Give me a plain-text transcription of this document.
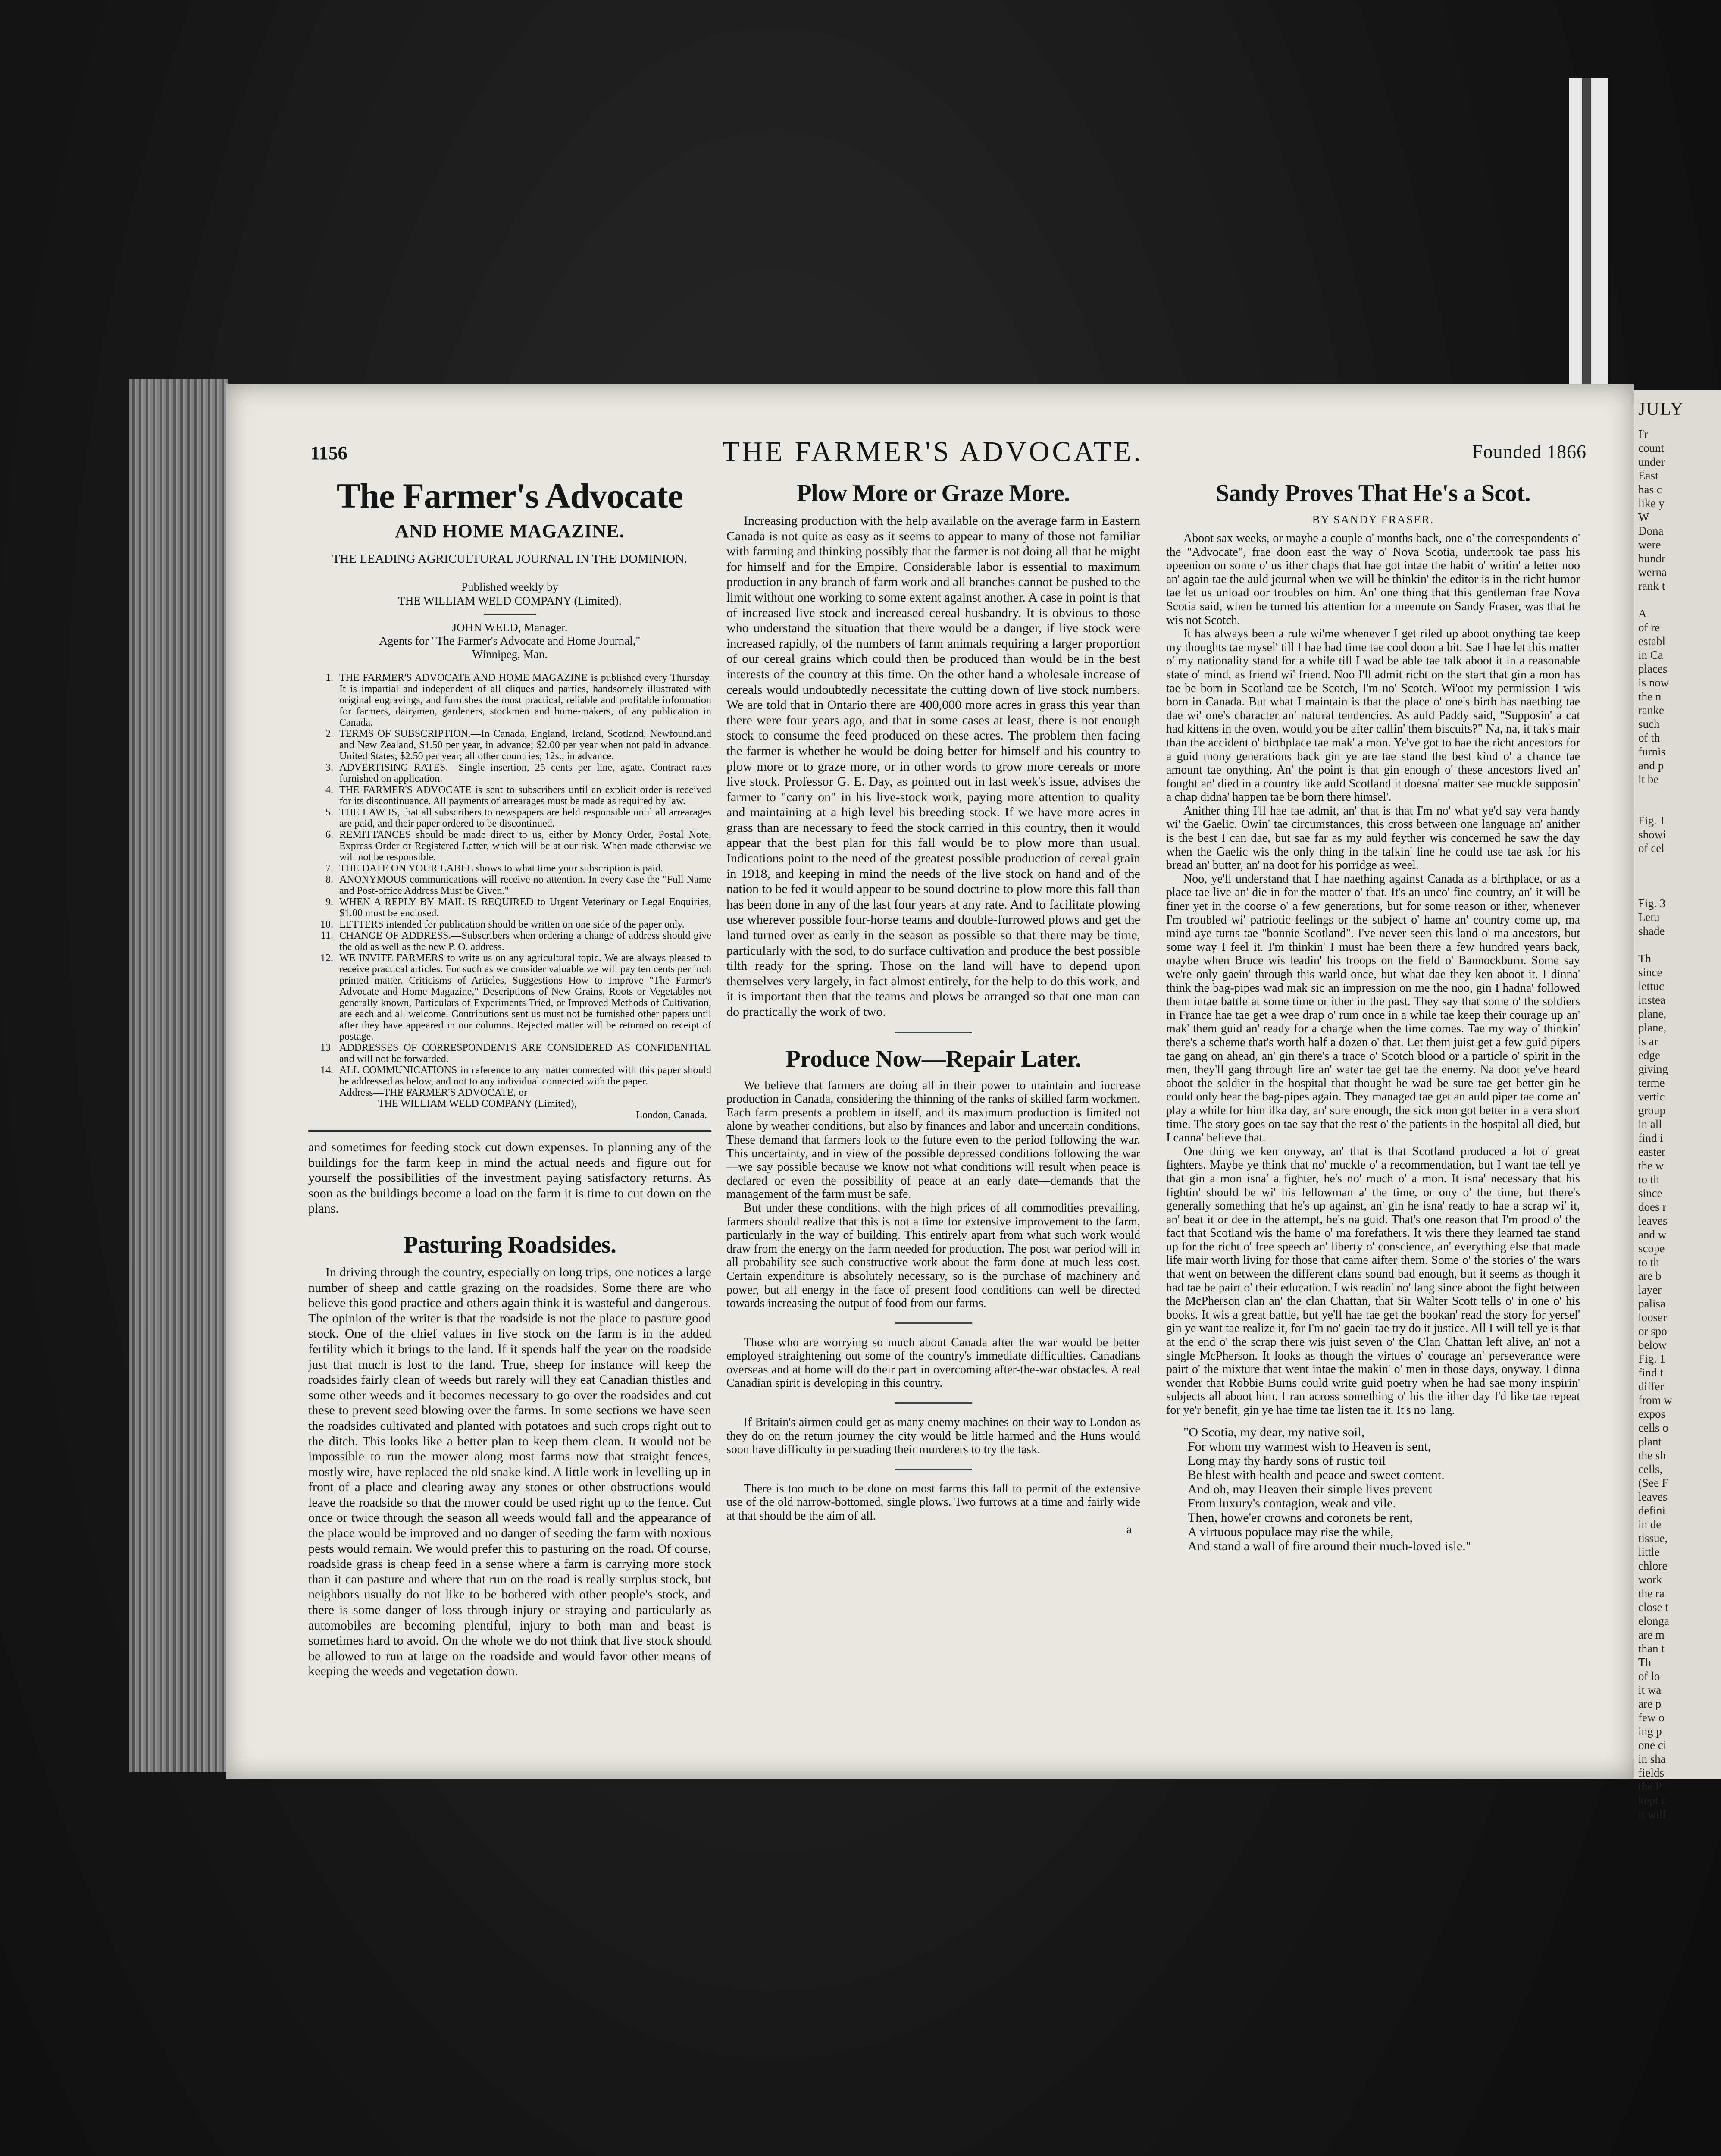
JULY
I'r
count
under
East
has c
like y
W
Dona
were
hundr
werna
rank t

A
of re
establ
in Ca
places
is now
the n
ranke
such
of th
furnis
and p
it be

Fig. 1
showi
of cel

Fig. 3
Letu
shade

Th
since
lettuc
instea
plane,
plane,
is ar
edge
giving
terme
vertic
group
in all
find i
easter
the w
to th
since
does r
leaves
and w
scope
to th
are b
layer
palisa
looser
or spo
below
Fig. 1
find t
differ
from w
expos
cells o
plant
the sh
cells,
(See F
leaves
defini
in de
tissue,
little
chlore
work
the ra
close t
elonga
are m
than t
Th
of lo
it wa
are p
few o
ing p
one ci
in sha
fields
the P
kept c
it will
1156	THE FARMER'S ADVOCATE.	Founded 1866
The Farmer's Advocate
AND HOME MAGAZINE.
THE LEADING AGRICULTURAL JOURNAL IN THE DOMINION.
Published weekly by
THE WILLIAM WELD COMPANY (Limited).
JOHN WELD, Manager.
Agents for "The Farmer's Advocate and Home Journal,"
Winnipeg, Man.
1. THE FARMER'S ADVOCATE AND HOME MAGAZINE is published every Thursday. It is impartial and independent of all cliques and parties, handsomely illustrated with original engravings, and furnishes the most practical, reliable and profitable information for farmers, dairymen, gardeners, stockmen and home-makers, of any publication in Canada.
2. TERMS OF SUBSCRIPTION.—In Canada, England, Ireland, Scotland, Newfoundland and New Zealand, $1.50 per year, in advance; $2.00 per year when not paid in advance. United States, $2.50 per year; all other countries, 12s., in advance.
3. ADVERTISING RATES.—Single insertion, 25 cents per line, agate. Contract rates furnished on application.
4. THE FARMER'S ADVOCATE is sent to subscribers until an explicit order is received for its discontinuance. All payments of arrearages must be made as required by law.
5. THE LAW IS, that all subscribers to newspapers are held responsible until all arrearages are paid, and their paper ordered to be discontinued.
6. REMITTANCES should be made direct to us, either by Money Order, Postal Note, Express Order or Registered Letter, which will be at our risk. When made otherwise we will not be responsible.
7. THE DATE ON YOUR LABEL shows to what time your subscription is paid.
8. ANONYMOUS communications will receive no attention. In every case the "Full Name and Post-office Address Must be Given."
9. WHEN A REPLY BY MAIL IS REQUIRED to Urgent Veterinary or Legal Enquiries, $1.00 must be enclosed.
10. LETTERS intended for publication should be written on one side of the paper only.
11. CHANGE OF ADDRESS.—Subscribers when ordering a change of address should give the old as well as the new P. O. address.
12. WE INVITE FARMERS to write us on any agricultural topic. We are always pleased to receive practical articles. For such as we consider valuable we will pay ten cents per inch printed matter. Criticisms of Articles, Suggestions How to Improve "The Farmer's Advocate and Home Magazine," Descriptions of New Grains, Roots or Vegetables not generally known, Particulars of Experiments Tried, or Improved Methods of Cultivation, are each and all welcome. Contributions sent us must not be furnished other papers until after they have appeared in our columns. Rejected matter will be returned on receipt of postage.
13. ADDRESSES OF CORRESPONDENTS ARE CONSIDERED AS CONFIDENTIAL and will not be forwarded.
14. ALL COMMUNICATIONS in reference to any matter connected with this paper should be addressed as below, and not to any individual connected with the paper.
Address—THE FARMER'S ADVOCATE, or
THE WILLIAM WELD COMPANY (Limited),
London, Canada.

and sometimes for feeding stock cut down expenses. In planning any of the buildings for the farm keep in mind the actual needs and figure out for yourself the possibilities of the investment paying satisfactory returns. As soon as the buildings become a load on the farm it is time to cut down on the plans.

Pasturing Roadsides.

In driving through the country, especially on long trips, one notices a large number of sheep and cattle grazing on the roadsides. Some there are who believe this good practice and others again think it is wasteful and dangerous. The opinion of the writer is that the roadside is not the place to pasture good stock. One of the chief values in live stock on the farm is in the added fertility which it brings to the land. If it spends half the year on the roadside just that much is lost to the land. True, sheep for instance will keep the roadsides fairly clean of weeds but rarely will they eat Canadian thistles and some other weeds and it becomes necessary to go over the roadsides and cut these to prevent seed blowing over the farms. In some sections we have seen the roadsides cultivated and planted with potatoes and such crops right out to the ditch. This looks like a better plan to keep them clean. It would not be impossible to run the mower along most farms now that straight fences, mostly wire, have replaced the old snake kind. A little work in levelling up in front of a place and clearing away any stones or other obstructions would leave the roadside so that the mower could be used right up to the fence. Cut once or twice through the season all weeds would fall and the appearance of the place would be improved and no danger of seeding the farm with noxious pests would remain. We would prefer this to pasturing on the road. Of course, roadside grass is cheap feed in a sense where a farm is carrying more stock than it can pasture and where that run on the road is really surplus stock, but neighbors usually do not like to be bothered with other people's stock, and there is some danger of loss through injury or straying and particularly as automobiles are becoming plentiful, injury to both man and beast is sometimes hard to avoid. On the whole we do not think that live stock should be allowed to run at large on the roadside and would favor other means of keeping the weeds and vegetation down.

Plow More or Graze More.

Increasing production with the help available on the average farm in Eastern Canada is not quite as easy as it seems to appear to many of those not familiar with farming and thinking possibly that the farmer is not doing all that he might for himself and for the Empire. Considerable labor is essential to maximum production in any branch of farm work and all branches cannot be pushed to the limit without one working to some extent against another. A case in point is that of increased live stock and increased cereal husbandry. It is obvious to those who understand the situation that there would be a danger, if live stock were increased rapidly, of the numbers of farm animals requiring a larger proportion of our cereal grains which could then be produced than would be in the best interests of the country at this time. On the other hand a wholesale increase of cereals would undoubtedly necessitate the cutting down of live stock numbers. We are told that in Ontario there are 400,000 more acres in grass this year than there were four years ago, and that in some cases at least, there is not enough stock to consume the feed produced on these acres. The problem then facing the farmer is whether he would be doing better for himself and his country to plow more or to graze more, or in other words to grow more cereals or more live stock. Professor G. E. Day, as pointed out in last week's issue, advises the farmer to "carry on" in his live-stock work, paying more attention to quality and maintaining at a high level his breeding stock. If we have more acres in grass than are necessary to feed the stock carried in this country, then it would appear that the best plan for this fall would be to plow more than usual. Indications point to the need of the greatest possible production of cereal grain in 1918, and keeping in mind the needs of the live stock on hand and of the nation to be fed it would appear to be sound doctrine to plow more this fall than has been done in any of the last four years at any rate. And to facilitate plowing use wherever possible four-horse teams and double-furrowed plows and get the land turned over as early in the season as possible so that there may be time, particularly with the sod, to do surface cultivation and produce the best possible tilth ready for the spring. Those on the land will have to depend upon themselves very largely, in fact almost entirely, for the help to do this work, and it is important then that the teams and plows be arranged so that one man can do practically the work of two.

Produce Now—Repair Later.

We believe that farmers are doing all in their power to maintain and increase production in Canada, considering the thinning of the ranks of skilled farm workmen. Each farm presents a problem in itself, and its maximum production is limited not alone by weather conditions, but also by finances and labor and uncertain conditions. These demand that farmers look to the future even to the period following the war. This uncertainty, and in view of the possible depressed conditions following the war—we say possible because we know not what conditions will result when peace is declared or even the possibility of peace at an early date—demands that the management of the farm must be safe.

But under these conditions, with the high prices of all commodities prevailing, farmers should realize that this is not a time for extensive improvement to the farm, particularly in the way of building. This entirely apart from what such work would draw from the energy on the farm needed for production. The post war period will in all probability see such constructive work about the farm done at much less cost. Certain expenditure is absolutely necessary, so is the purchase of machinery and power, but all energy in the face of present food conditions can well be directed towards increasing the output of food from our farms.

Those who are worrying so much about Canada after the war would be better employed straightening out some of the country's immediate difficulties. Canadians overseas and at home will do their part in overcoming after-the-war obstacles. A real Canadian spirit is developing in this country.

If Britain's airmen could get as many enemy machines on their way to London as they do on the return journey the city would be little harmed and the Huns would soon have difficulty in persuading their murderers to try the task.

There is too much to be done on most farms this fall to permit of the extensive use of the old narrow-bottomed, single plows. Two furrows at a time and fairly wide at that should be the aim of all.

a
Sandy Proves That He's a Scot.
BY SANDY FRASER.

Aboot sax weeks, or maybe a couple o' months back, one o' the correspondents o' the "Advocate", frae doon east the way o' Nova Scotia, undertook tae pass his opeenion on some o' us ither chaps that hae got intae the habit o' writin' a letter noo an' again tae the auld journal when we will be thinkin' the editor is in the richt humor tae let us unload oor troubles on him. An' one thing that this gentleman frae Nova Scotia said, when he turned his attention for a meenute on Sandy Fraser, was that he wis not Scotch.

It has always been a rule wi'me whenever I get riled up aboot onything tae keep my thoughts tae mysel' till I hae had time tae cool doon a bit. Sae I hae let this matter o' my nationality stand for a while till I wad be able tae talk aboot it in a reasonable state o' mind, as friend wi' friend. Noo I'll admit richt on the start that gin a mon has tae be born in Scotland tae be Scotch, I'm no' Scotch. Wi'oot my permission I wis born in Canada. But what I maintain is that the place o' one's birth has naething tae dae wi' one's character an' natural tendencies. As auld Paddy said, "Supposin' a cat had kittens in the oven, would you be after callin' them biscuits?" Na, na, it tak's mair than the accident o' birthplace tae mak' a mon. Ye've got to hae the richt ancestors for a guid mony generations back gin ye are tae stand the best kind o' a chance tae amount tae onything. An' the point is that gin enough o' these ancestors lived an' fought an' died in a country like auld Scotland it doesna' matter sae muckle supposin' a chap didna' happen tae be born there himsel'.

Anither thing I'll hae tae admit, an' that is that I'm no' what ye'd say vera handy wi' the Gaelic. Owin' tae circumstances, this cross between one language an' anither is the best I can dae, but sae far as my auld feyther wis concerned he saw the day when the Gaelic wis the only thing in the talkin' line he could use tae ask for his bread an' butter, an' na doot for his porridge as weel.

Noo, ye'll understand that I hae naething against Canada as a birthplace, or as a place tae live an' die in for the matter o' that. It's an unco' fine country, an' it will be finer yet in the coorse o' a few generations, but for some reason or ither, whenever I'm troubled wi' patriotic feelings or the subject o' hame an' country come up, ma mind aye turns tae "bonnie Scotland". I've never seen this land o' ma ancestors, but some way I feel it. I'm thinkin' I must hae been there a few hundred years back, maybe when Bruce wis leadin' his troops on the field o' Bannockburn. Some say we're only gaein' through this warld once, but what dae they ken aboot it. I dinna' think the bag-pipes wad mak sic an impression on me the noo, gin I hadna' followed them intae battle at some time or ither in the past. They say that some o' the soldiers in France hae tae get a wee drap o' rum once in a while tae keep their courage up an' mak' them guid an' ready for a charge when the time comes. Tae my way o' thinkin' there's a scheme that's worth half a dozen o' that. Let them juist get a few guid pipers tae gang on ahead, an' gin there's a trace o' Scotch blood or a particle o' spirit in the men, they'll gang through fire an' water tae get tae the enemy. Na doot ye've heard aboot the soldier in the hospital that thought he wad be sure tae get better gin he could only hear the bag-pipes again. They managed tae get an auld piper tae come an' play a while for him ilka day, an' sure enough, the sick mon got better in a vera short time. The story goes on tae say that the rest o' the patients in the hospital all died, but I canna' believe that.

One thing we ken onyway, an' that is that Scotland produced a lot o' great fighters. Maybe ye think that no' muckle o' a recommendation, but I want tae tell ye that gin a mon isna' a fighter, he's no' much o' a mon. It isna' necessary that his fightin' should be wi' his fellowman a' the time, or ony o' the time, but there's generally something that he's up against, an' gin he isna' ready to hae a scrap wi' it, an' beat it or dee in the attempt, he's na guid. That's one reason that I'm prood o' the fact that Scotland wis the hame o' ma forefathers. It wis there they learned tae stand up for the richt o' free speech an' liberty o' conscience, an' everything else that made life mair worth living for those that came aifter them. Some o' the stories o' the wars that went on between the different clans sound bad enough, but it seems as though it had tae be pairt o' their education. I wis readin' no' lang since aboot the fight between the McPherson clan an' the clan Chattan, that Sir Walter Scott tells o' in one o' his books. It wis a great battle, but ye'll hae tae get the bookan' read the story for yersel' gin ye want tae realize it, for I'm no' gaein' tae try do it justice. All I will tell ye is that at the end o' the scrap there wis juist seven o' the Clan Chattan left alive, an' not a single McPherson. It looks as though the virtues o' courage an' perseverance were pairt o' the mixture that went intae the makin' o' men in those days, onyway. I dinna wonder that Robbie Burns could write guid poetry when he had sae mony inspirin' subjects all aboot him. I ran across something o' his the ither day I'd like tae repeat for ye'r benefit, gin ye hae time tae listen tae it. It's no' lang.

"O Scotia, my dear, my native soil,
For whom my warmest wish to Heaven is sent,
Long may thy hardy sons of rustic toil
Be blest with health and peace and sweet content.
And oh, may Heaven their simple lives prevent
From luxury's contagion, weak and vile.
Then, howe'er crowns and coronets be rent,
A virtuous populace may rise the while,
And stand a wall of fire around their much-loved isle."
